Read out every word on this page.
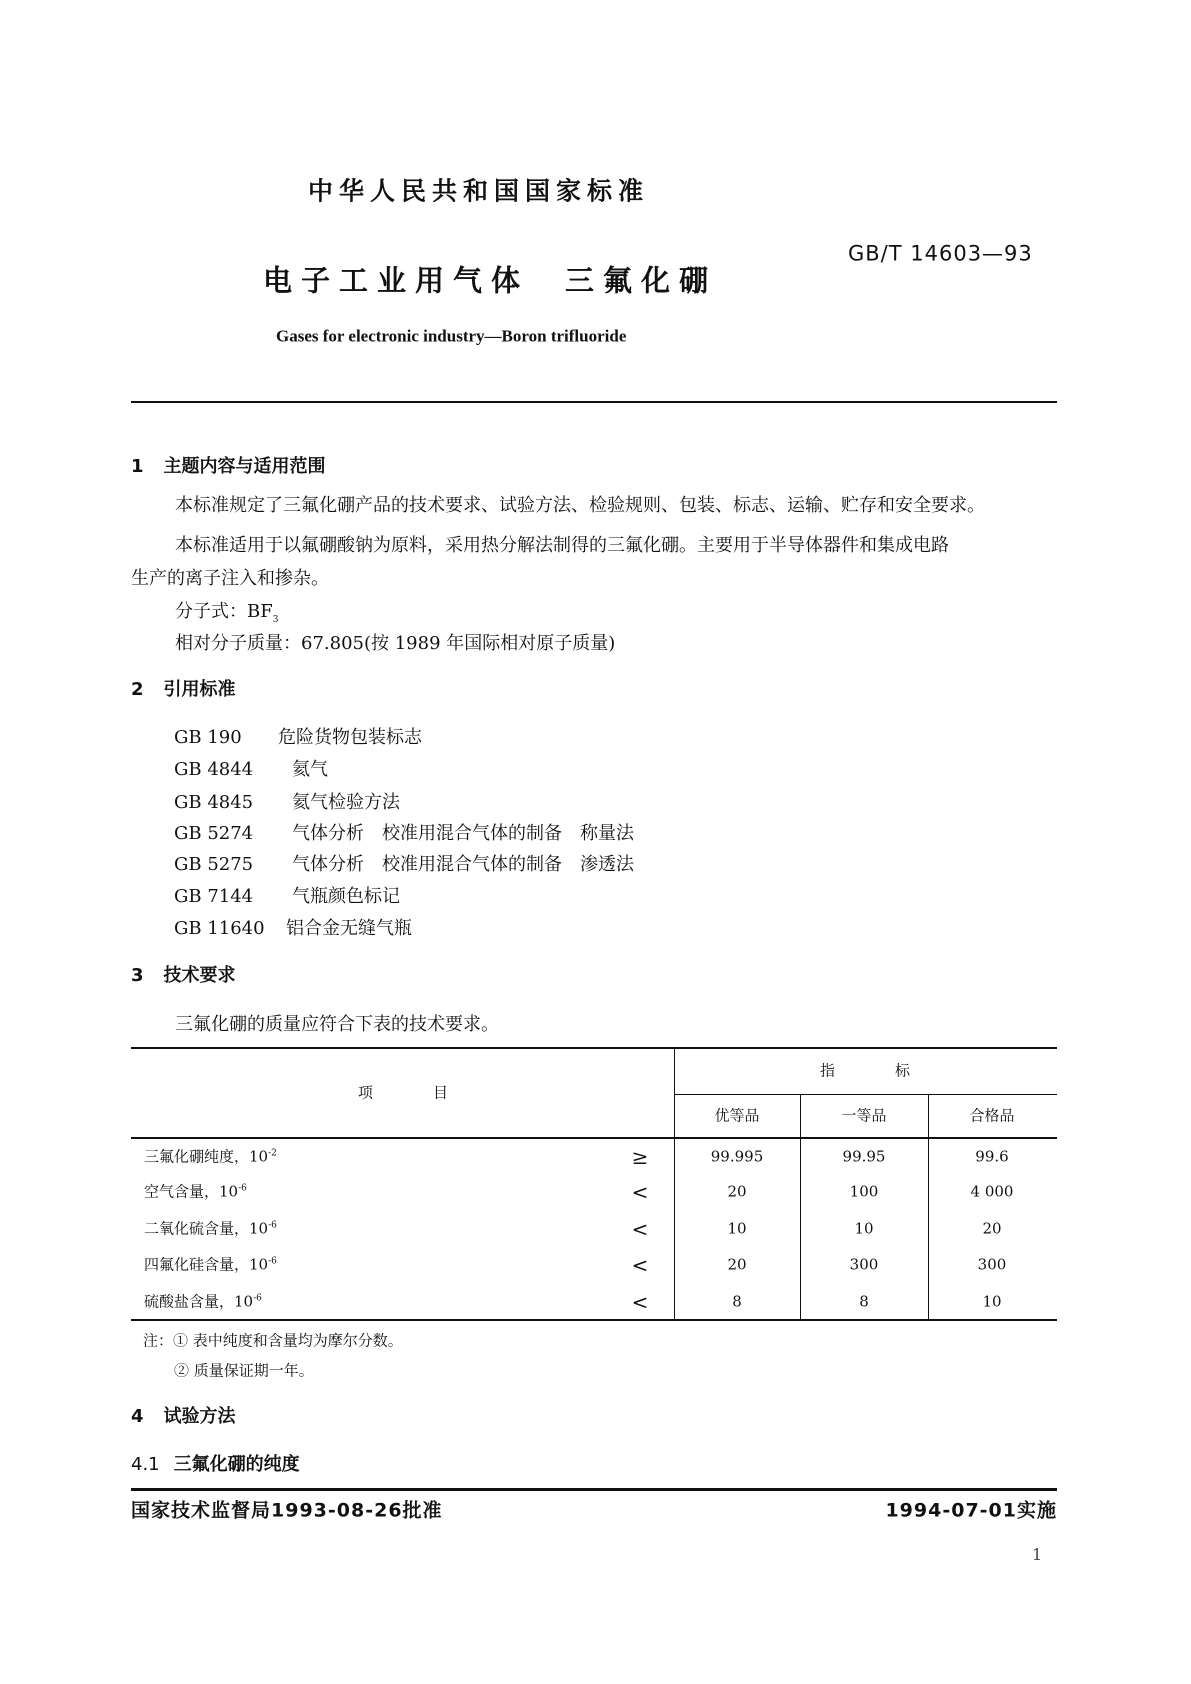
中华人民共和国国家标准
GB/T 14603—93
电子工业用气体 三氟化硼
Gases for electronic industry—Boron trifluoride
1 主题内容与适用范围
本标准规定了三氟化硼产品的技术要求、试验方法、检验规则、包装、标志、运输、贮存和安全要求。
本标准适用于以氟硼酸钠为原料，采用热分解法制得的三氟化硼。主要用于半导体器件和集成电路
生产的离子注入和掺杂。
分子式：$BF_3$
相对分子质量：67.805(按 1989 年国际相对原子质量)
2 引用标准
GB 190 危险货物包装标志
GB 4844 氦气
GB 4845 氦气检验方法
GB 5274 气体分析　校准用混合气体的制备　称量法
GB 5275 气体分析　校准用混合气体的制备　渗透法
GB 7144 气瓶颜色标记
GB 11640 铝合金无缝气瓶
3 技术要求
三氟化硼的质量应符合下表的技术要求。
项　　　　目
指　　　　标
优等品	一等品	合格品
三氟化硼纯度，$10^{-2}$	≥	99.995	99.95	99.6
空气含量，$10^{-6}$	<	20	100	4 000
二氧化硫含量，$10^{-6}$	<	10	10	20
四氟化硅含量，$10^{-6}$	<	20	300	300
硫酸盐含量，$10^{-6}$	<	8	8	10
注：① 表中纯度和含量均为摩尔分数。
② 质量保证期一年。
4 试验方法
4.1 三氟化硼的纯度
国家技术监督局1993-08-26批准	1994-07-01实施
1
